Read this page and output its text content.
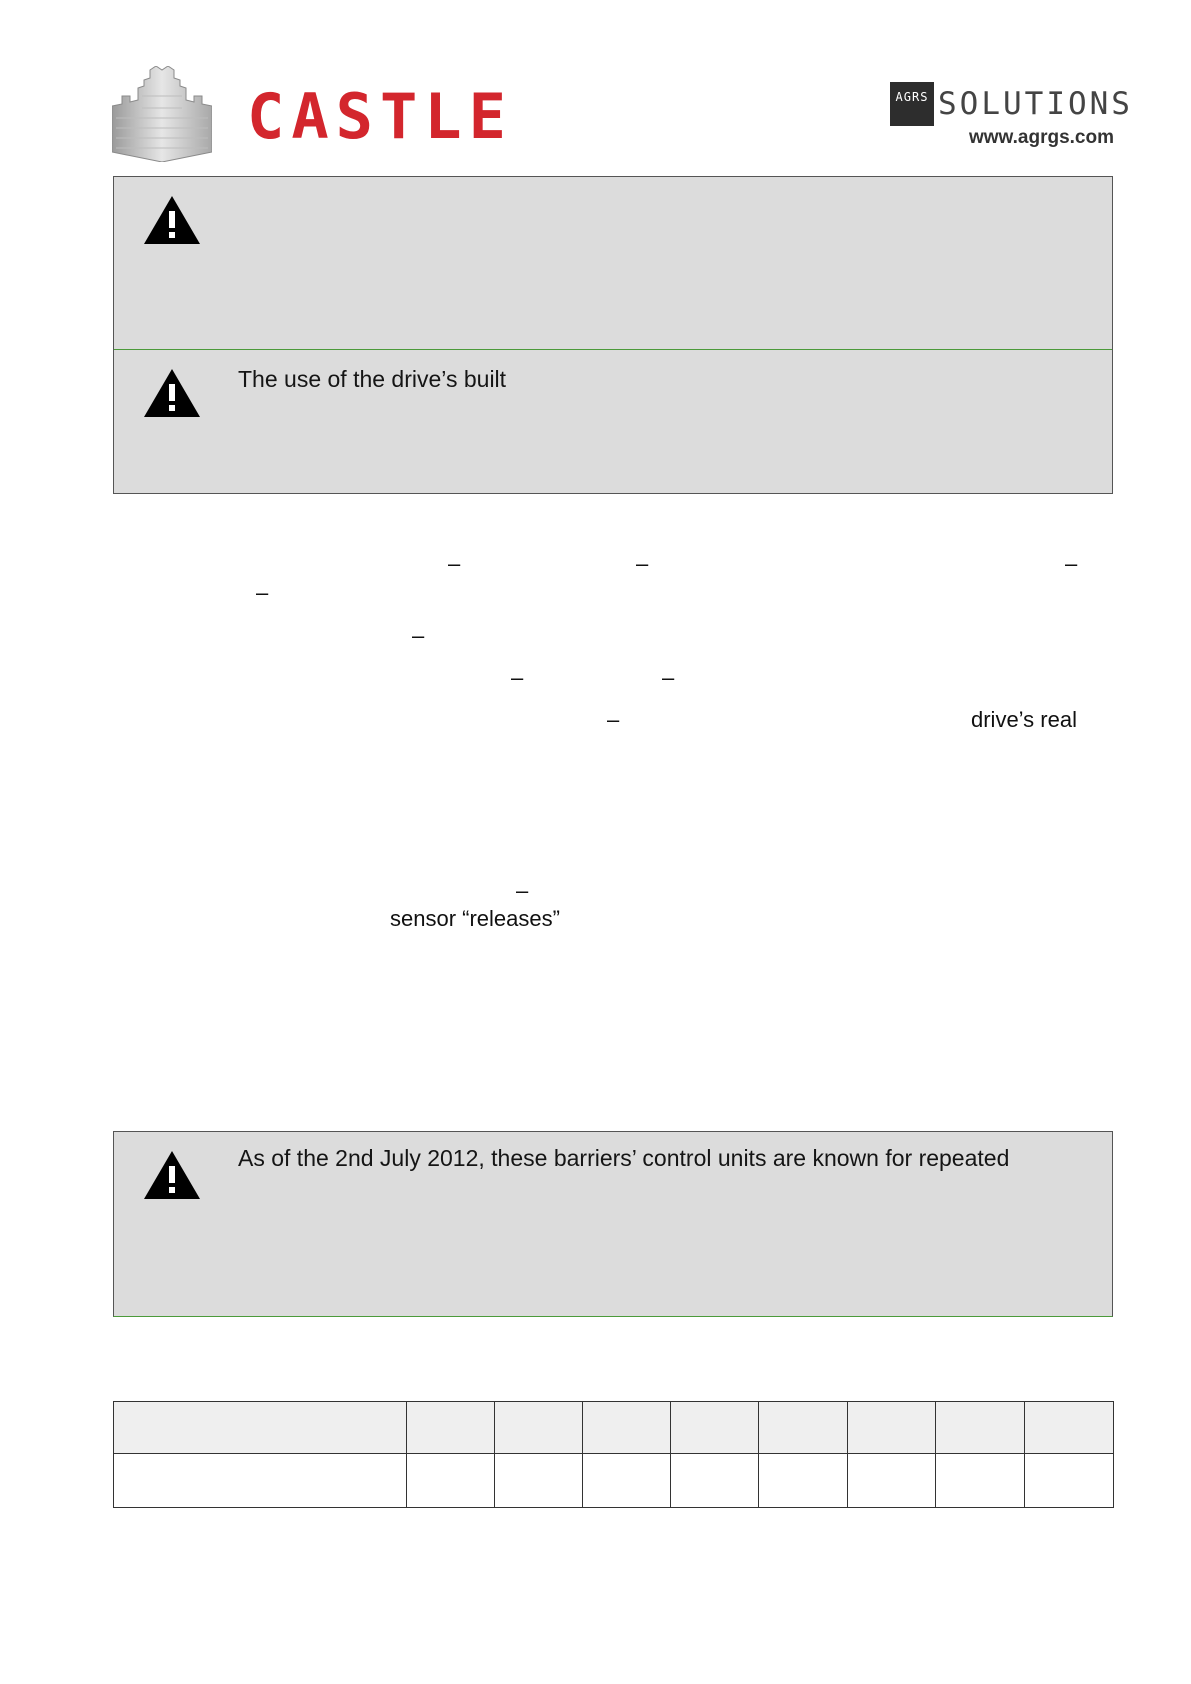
CASTLE	AGRS SOLUTIONS
www.agrgs.com
The use of the drive’s built
–	–	–
–
–
–	–
–	drive’s real
–
sensor “releases”
As of the 2nd July 2012, these barriers’ control units are known for repeated
